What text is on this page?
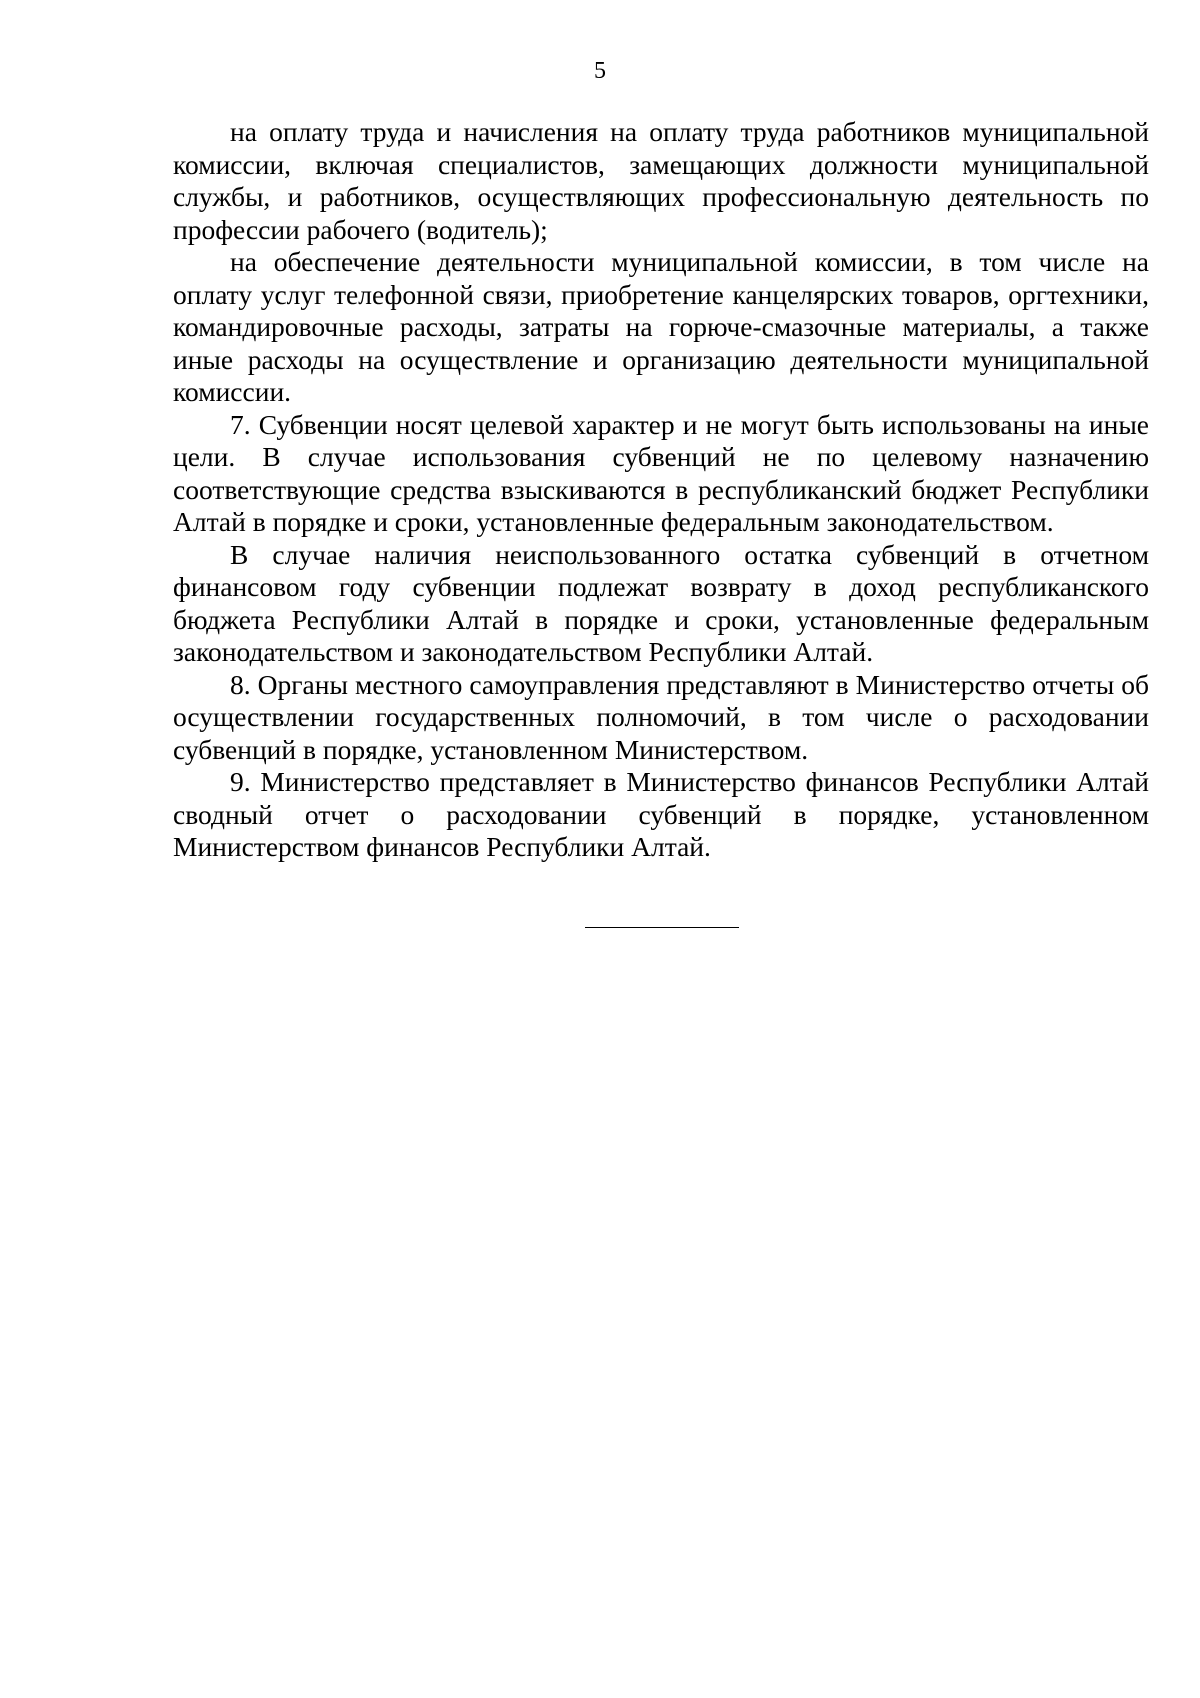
5

на оплату труда и начисления на оплату труда работников муниципальной комиссии, включая специалистов, замещающих должности муниципальной службы, и работников, осуществляющих профессиональную деятельность по профессии рабочего (водитель);

на обеспечение деятельности муниципальной комиссии, в том числе на оплату услуг телефонной связи, приобретение канцелярских товаров, оргтехники, командировочные расходы, затраты на горюче-смазочные материалы, а также иные расходы на осуществление и организацию деятельности муниципальной комиссии.

7. Субвенции носят целевой характер и не могут быть использованы на иные цели. В случае использования субвенций не по целевому назначению соответствующие средства взыскиваются в республиканский бюджет Республики Алтай в порядке и сроки, установленные федеральным законодательством.

В случае наличия неиспользованного остатка субвенций в отчетном финансовом году субвенции подлежат возврату в доход республиканского бюджета Республики Алтай в порядке и сроки, установленные федеральным законодательством и законодательством Республики Алтай.

8. Органы местного самоуправления представляют в Министерство отчеты об осуществлении государственных полномочий, в том числе о расходовании субвенций в порядке, установленном Министерством.

9. Министерство представляет в Министерство финансов Республики Алтай сводный отчет о расходовании субвенций в порядке, установленном Министерством финансов Республики Алтай.
